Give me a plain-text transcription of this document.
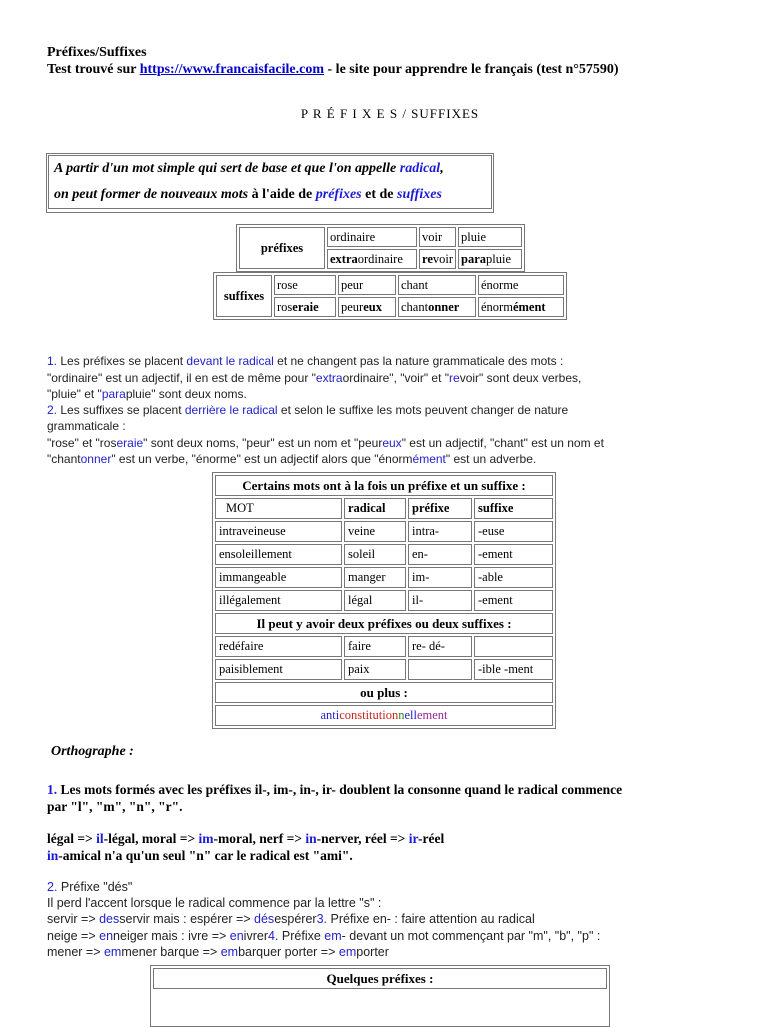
Préfixes/Suffixes
Test trouvé sur https://www.francaisfacile.com - le site pour apprendre le français (test n°57590)
P R É F I X E S / SUFFIXES

A partir d'un mot simple qui sert de base et que l'on appelle radical,

on peut former de nouveaux mots à l'aide de préfixes et de suffixes

préfixes	ordinaire	voir	pluie
	extraordinaire	revoir	parapluie
suffixes	rose	peur	chant	énorme
	roseraie	peureux	chantonner	énormément
1. Les préfixes se placent devant le radical et ne changent pas la nature grammaticale des mots :
"ordinaire" est un adjectif, il en est de même pour "extraordinaire", "voir" et "revoir" sont deux verbes,
"pluie" et "parapluie" sont deux noms.
2. Les suffixes se placent derrière le radical et selon le suffixe les mots peuvent changer de nature
grammaticale :
"rose" et "roseraie" sont deux noms, "peur" est un nom et "peureux" est un adjectif, "chant" est un nom et
"chantonner" est un verbe, "énorme" est un adjectif alors que "énormément" est un adverbe.
Certains mots ont à la fois un préfixe et un suffixe :			
MOT	radical	préfixe	suffixe
intraveineuse	veine	intra-	-euse
ensoleillement	soleil	en-	-ement
immangeable	manger	im-	-able
illégalement	légal	il-	-ement
Il peut y avoir deux préfixes ou deux suffixes :			
redéfaire	faire	re- dé-	
paisiblement	paix		-ible -ment
ou plus :			
anticonstitutionnellement			
Orthographe :
1. Les mots formés avec les préfixes il-, im-, in-, ir- doublent la consonne quand le radical commence
par "l", "m", "n", "r".
légal => il-légal, moral => im-moral, nerf => in-nerver, réel => ir-réel
in-amical n'a qu'un seul "n" car le radical est "ami".
2. Préfixe "dés"
Il perd l'accent lorsque le radical commence par la lettre "s" :
servir => desservir mais : espérer => désespérer3. Préfixe en- : faire attention au radical
neige => enneiger mais : ivre => enivrer4. Préfixe em- devant un mot commençant par "m", "b", "p" :
mener => emmener barque => embarquer porter => emporter
Quelques préfixes :
